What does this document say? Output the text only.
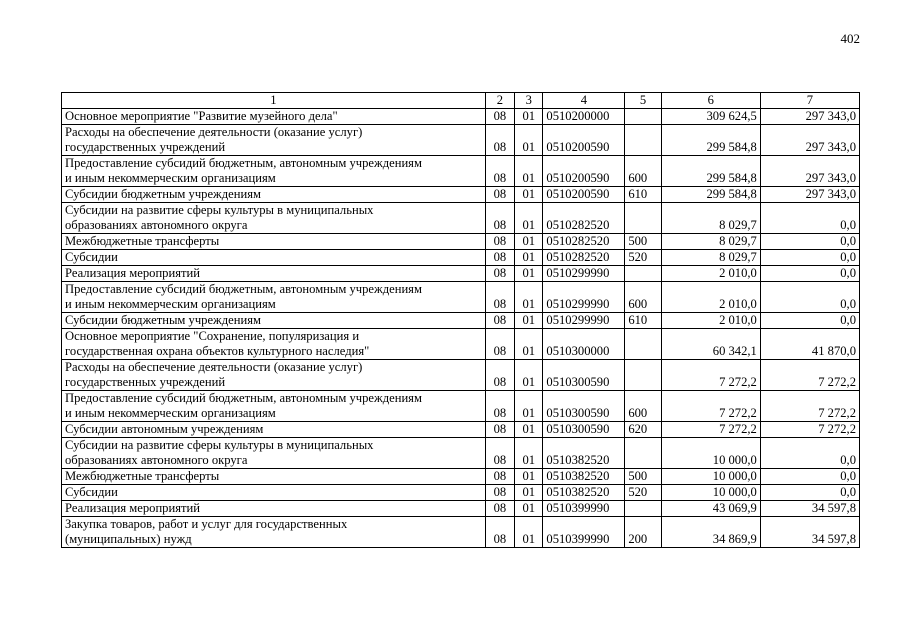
402
1	2	3	4	5	6	7

Основное мероприятие "Развитие музейного дела"	08	01	0510200000		309 624,5	297 343,0

Расходы на обеспечение деятельности (оказание услуг)
государственных учреждений	08	01	0510200590		299 584,8	297 343,0

Предоставление субсидий бюджетным, автономным учреждениям
и иным некоммерческим организациям	08	01	0510200590	600	299 584,8	297 343,0

Субсидии бюджетным учреждениям	08	01	0510200590	610	299 584,8	297 343,0

Субсидии на развитие сферы культуры в муниципальных
образованиях автономного округа	08	01	0510282520		8 029,7	0,0

Межбюджетные трансферты	08	01	0510282520	500	8 029,7	0,0

Субсидии	08	01	0510282520	520	8 029,7	0,0

Реализация мероприятий	08	01	0510299990		2 010,0	0,0

Предоставление субсидий бюджетным, автономным учреждениям
и иным некоммерческим организациям	08	01	0510299990	600	2 010,0	0,0

Субсидии бюджетным учреждениям	08	01	0510299990	610	2 010,0	0,0

Основное мероприятие "Сохранение, популяризация и
государственная охрана объектов культурного наследия"	08	01	0510300000		60 342,1	41 870,0

Расходы на обеспечение деятельности (оказание услуг)
государственных учреждений	08	01	0510300590		7 272,2	7 272,2

Предоставление субсидий бюджетным, автономным учреждениям
и иным некоммерческим организациям	08	01	0510300590	600	7 272,2	7 272,2

Субсидии автономным учреждениям	08	01	0510300590	620	7 272,2	7 272,2

Субсидии на развитие сферы культуры в муниципальных
образованиях автономного округа	08	01	0510382520		10 000,0	0,0

Межбюджетные трансферты	08	01	0510382520	500	10 000,0	0,0

Субсидии	08	01	0510382520	520	10 000,0	0,0

Реализация мероприятий	08	01	0510399990		43 069,9	34 597,8

Закупка товаров, работ и услуг для государственных
(муниципальных) нужд	08	01	0510399990	200	34 869,9	34 597,8
